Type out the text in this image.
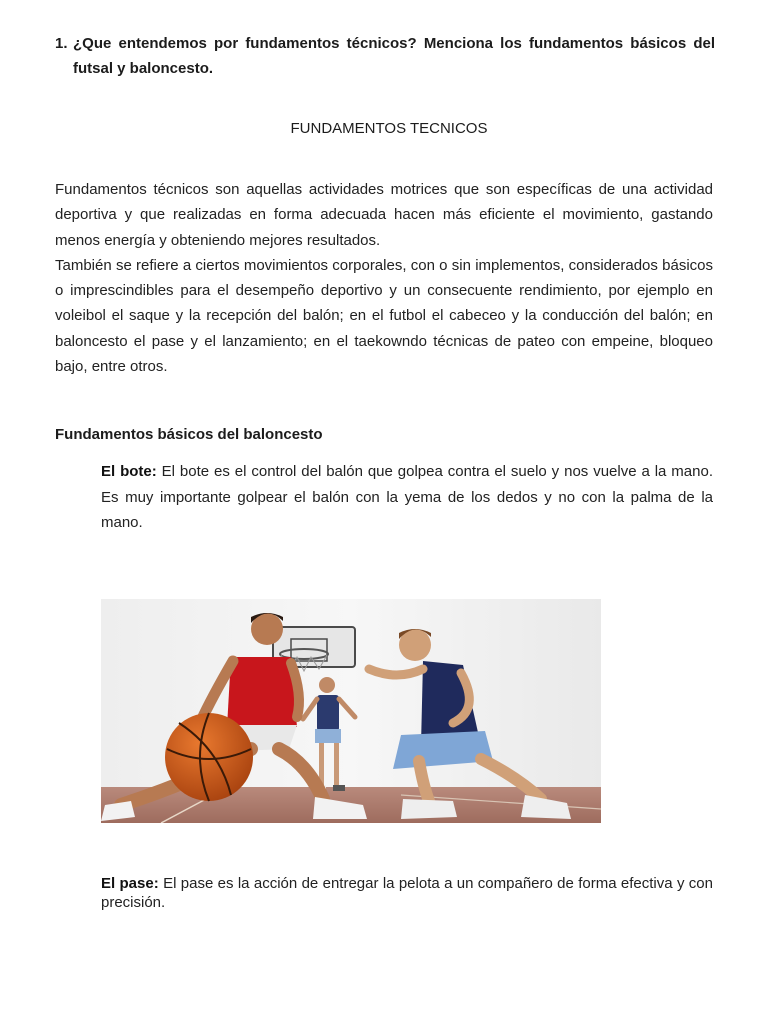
1. ¿Que entendemos por fundamentos técnicos? Menciona los fundamentos básicos del futsal y baloncesto.
FUNDAMENTOS TECNICOS

Fundamentos técnicos son aquellas actividades motrices que son específicas de una actividad deportiva y que realizadas en forma adecuada hacen más eficiente el movimiento, gastando menos energía y obteniendo mejores resultados.

También se refiere a ciertos movimientos corporales, con o sin implementos, considerados básicos o imprescindibles para el desempeño deportivo y un consecuente rendimiento, por ejemplo en voleibol el saque y la recepción del balón; en el futbol el cabeceo y la conducción del balón; en baloncesto el pase y el lanzamiento; en el taekowndo técnicas de pateo con empeine, bloqueo bajo, entre otros.

Fundamentos básicos del baloncesto
El bote: El bote es el control del balón que golpea contra el suelo y nos vuelve a la mano. Es muy importante golpear el balón con la yema de los dedos y no con la palma de la mano.
El pase: El pase es la acción de entregar la pelota a un compañero de forma efectiva y con precisión.
